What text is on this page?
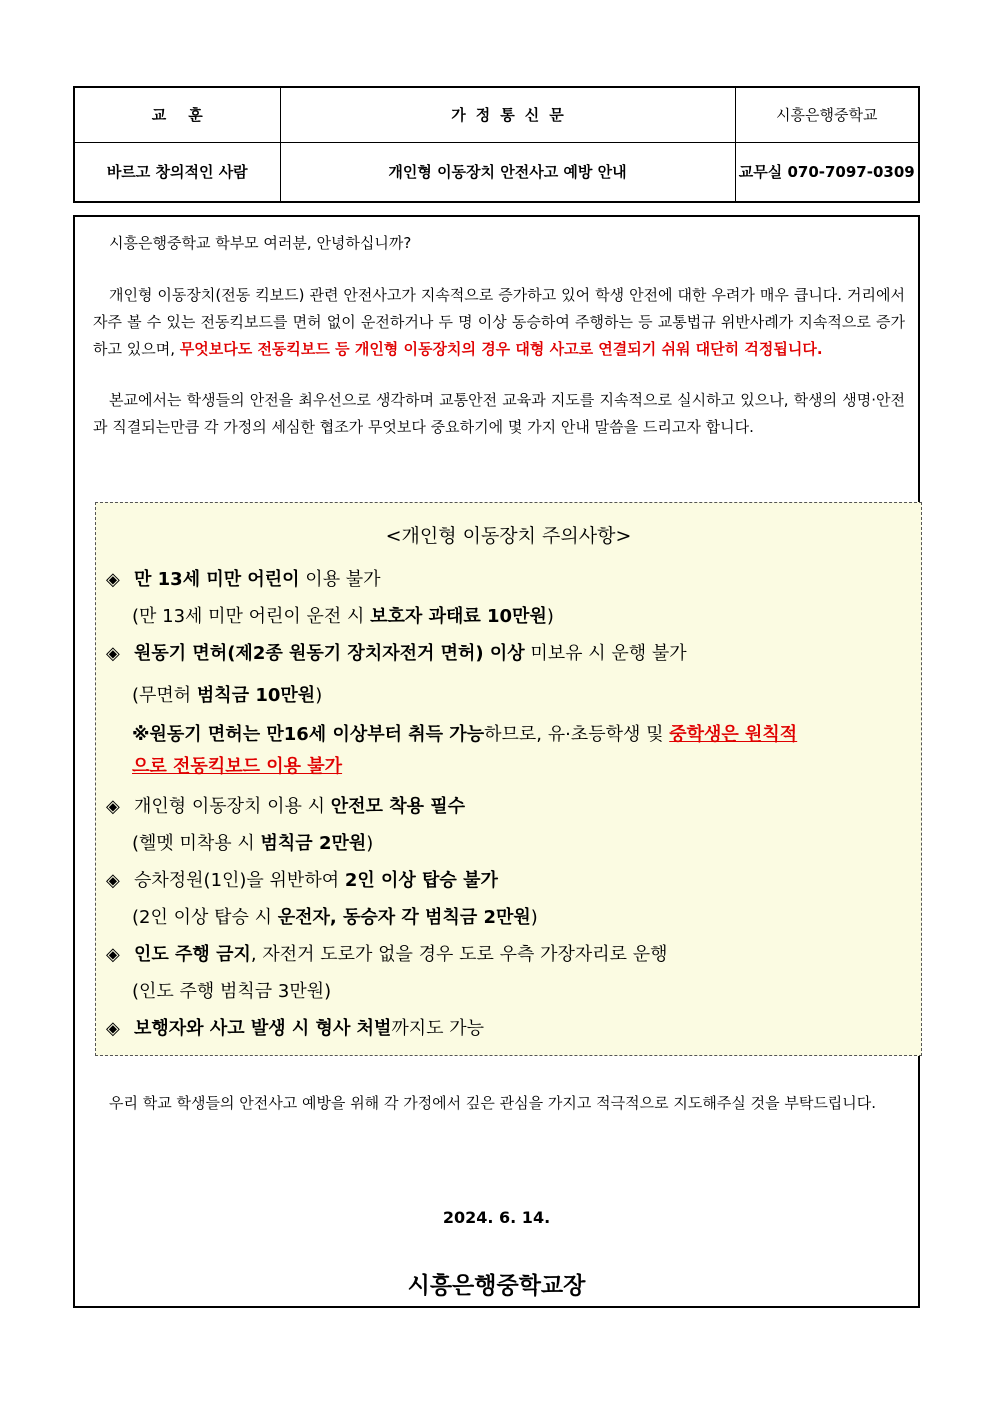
교훈	가정통신문	시흥은행중학교
바르고 창의적인 사람	개인형 이동장치 안전사고 예방 안내	교무실 070-7097-0309
시흥은행중학교 학부모 여러분, 안녕하십니까?
개인형 이동장치(전동 킥보드) 관련 안전사고가 지속적으로 증가하고 있어 학생 안전에 대한 우려가 매우 큽니다. 거리에서 자주 볼 수 있는 전동킥보드를 면허 없이 운전하거나 두 명 이상 동승하여 주행하는 등 교통법규 위반사례가 지속적으로 증가하고 있으며, 무엇보다도 전동킥보드 등 개인형 이동장치의 경우 대형 사고로 연결되기 쉬워 대단히 걱정됩니다.
본교에서는 학생들의 안전을 최우선으로 생각하며 교통안전 교육과 지도를 지속적으로 실시하고 있으나, 학생의 생명·안전과 직결되는만큼 각 가정의 세심한 협조가 무엇보다 중요하기에 몇 가지 안내 말씀을 드리고자 합니다.
<개인형 이동장치 주의사항>
◈ 만 13세 미만 어린이 이용 불가
(만 13세 미만 어린이 운전 시 보호자 과태료 10만원)
◈ 원동기 면허(제2종 원동기 장치자전거 면허) 이상 미보유 시 운행 불가
(무면허 범칙금 10만원)
※원동기 면허는 만16세 이상부터 취득 가능하므로, 유·초등학생 및 중학생은 원칙적
으로 전동킥보드 이용 불가
◈ 개인형 이동장치 이용 시 안전모 착용 필수
(헬멧 미착용 시 범칙금 2만원)
◈ 승차정원(1인)을 위반하여 2인 이상 탑승 불가
(2인 이상 탑승 시 운전자, 동승자 각 범칙금 2만원)
◈ 인도 주행 금지, 자전거 도로가 없을 경우 도로 우측 가장자리로 운행
(인도 주행 범칙금 3만원)
◈ 보행자와 사고 발생 시 형사 처벌까지도 가능
우리 학교 학생들의 안전사고 예방을 위해 각 가정에서 깊은 관심을 가지고 적극적으로 지도해주실 것을 부탁드립니다.
2024. 6. 14.
시흥은행중학교장
